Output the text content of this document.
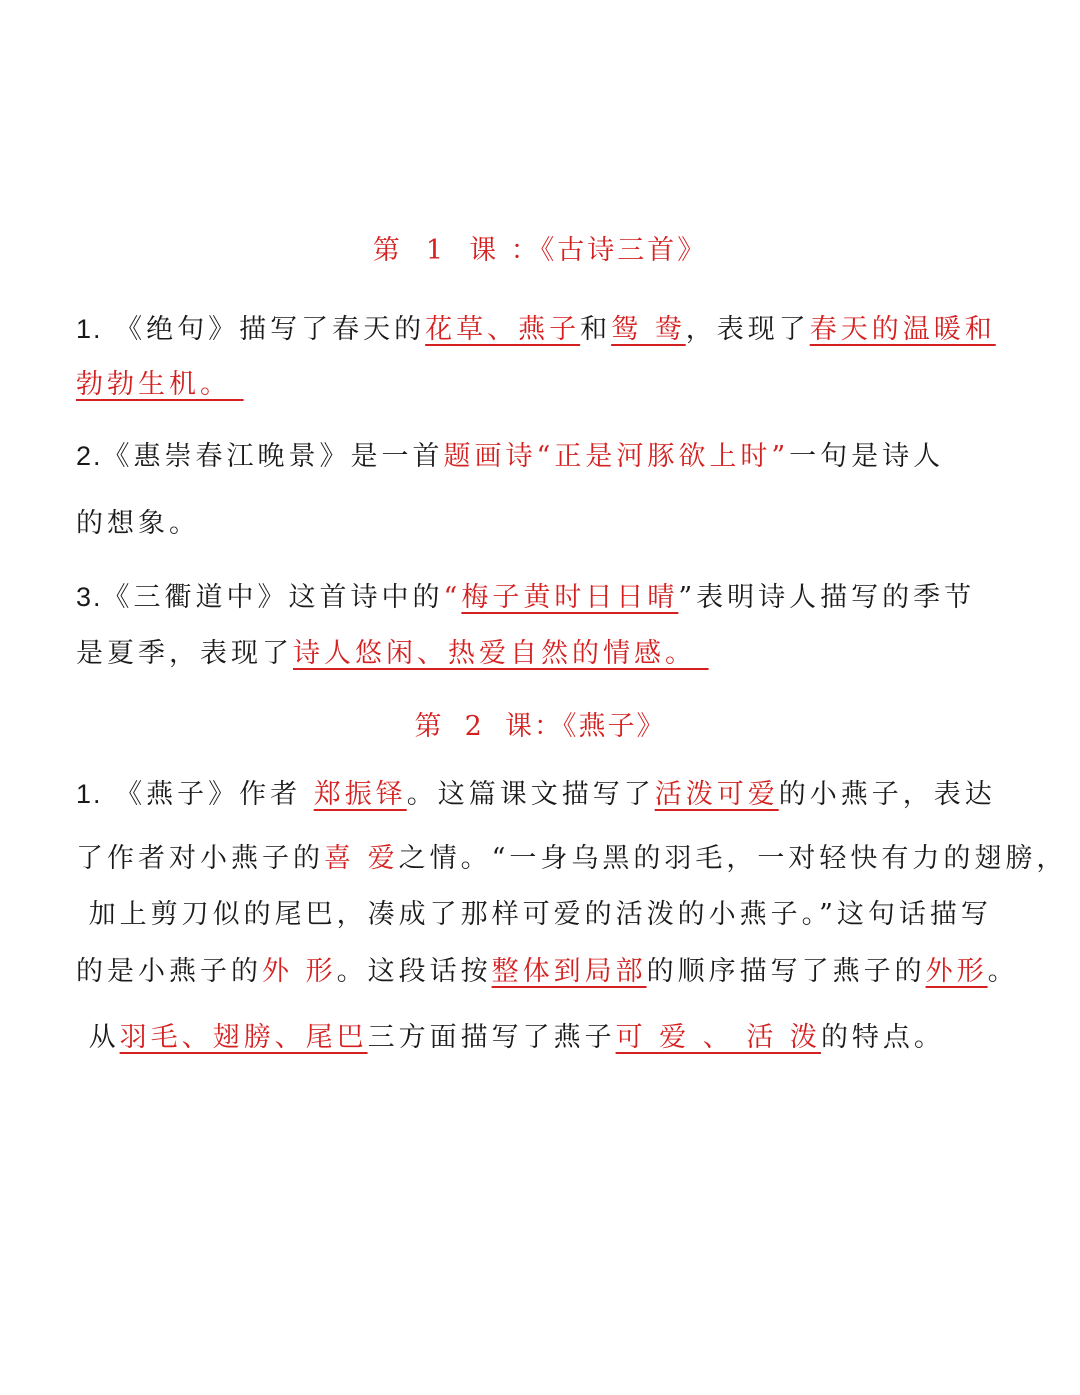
第  1  课 ：《古诗三首》
1. 《绝句》描写了春天的花草、燕子和鸳 鸯，表现了春天的温暖和
勃勃生机。
2.《惠崇春江晚景》是一首题画诗“正是河豚欲上时”一句是诗人
的想象。
3.《三衢道中》这首诗中的“梅子黄时日日晴”表明诗人描写的季节
是夏季，表现了诗人悠闲、热爱自然的情感。
第  2  课：《燕子》
1. 《燕子》作者 郑振铎。这篇课文描写了活泼可爱的小燕子，表达
了作者对小燕子的喜 爱之情。“一身乌黑的羽毛，一对轻快有力的翅膀，
加上剪刀似的尾巴，凑成了那样可爱的活泼的小燕子。”这句话描写
的是小燕子的外 形。这段话按整体到局部的顺序描写了燕子的外形。
从羽毛、翅膀、尾巴三方面描写了燕子可 爱 、 活 泼的特点。
